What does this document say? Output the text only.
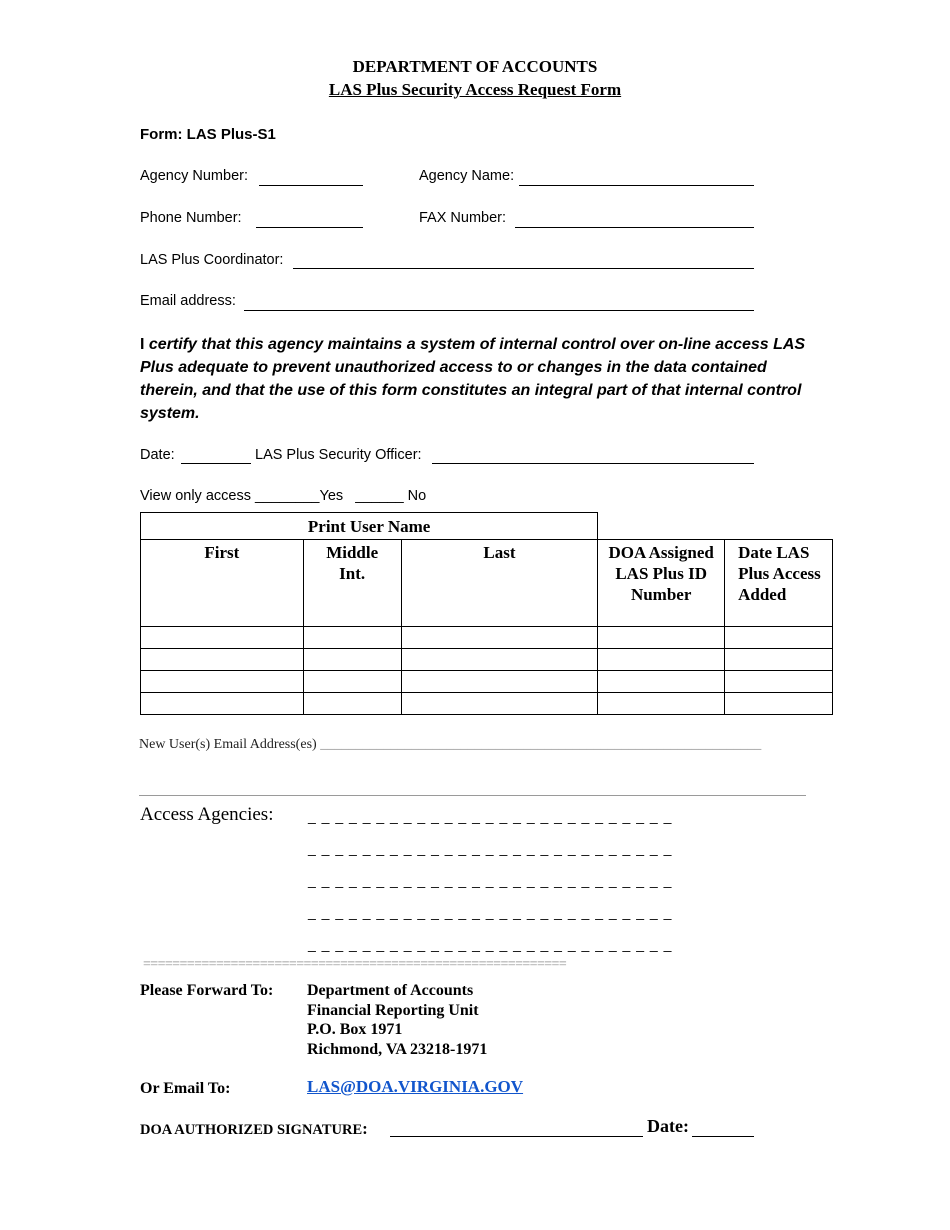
DEPARTMENT OF ACCOUNTS
LAS Plus Security Access Request Form
Form: LAS Plus-S1
Agency Number:	Agency Name:
Phone Number:	FAX Number:
LAS Plus Coordinator:
Email address:
I certify that this agency maintains a system of internal control over on-line access LAS Plus adequate to prevent unauthorized access to or changes in the data contained therein, and that the use of this form constitutes an integral part of that internal control system.
Date:	LAS Plus Security Officer:
View only access ________Yes ______ No
Print User Name				
First	Middle Int.	Last	DOA Assigned LAS Plus ID Number	Date LAS Plus Access Added

New User(s) Email Address(es) _______________________________________________________________
Access Agencies: _ _ _ _ _ _ _ _ _ _ _ _ _ _ _ _ _ _ _ _ _ _ _ _ _ _ _
_ _ _ _ _ _ _ _ _ _ _ _ _ _ _ _ _ _ _ _ _ _ _ _ _ _ _
_ _ _ _ _ _ _ _ _ _ _ _ _ _ _ _ _ _ _ _ _ _ _ _ _ _ _
_ _ _ _ _ _ _ _ _ _ _ _ _ _ _ _ _ _ _ _ _ _ _ _ _ _ _
_ _ _ _ _ _ _ _ _ _ _ _ _ _ _ _ _ _ _ _ _ _ _ _ _ _ _
==========================================================
Please Forward To: Department of Accounts
Financial Reporting Unit
P.O. Box 1971
Richmond, VA 23218-1971
Or Email To:	LAS@DOA.VIRGINIA.GOV
DOA AUTHORIZED SIGNATURE:	Date:
